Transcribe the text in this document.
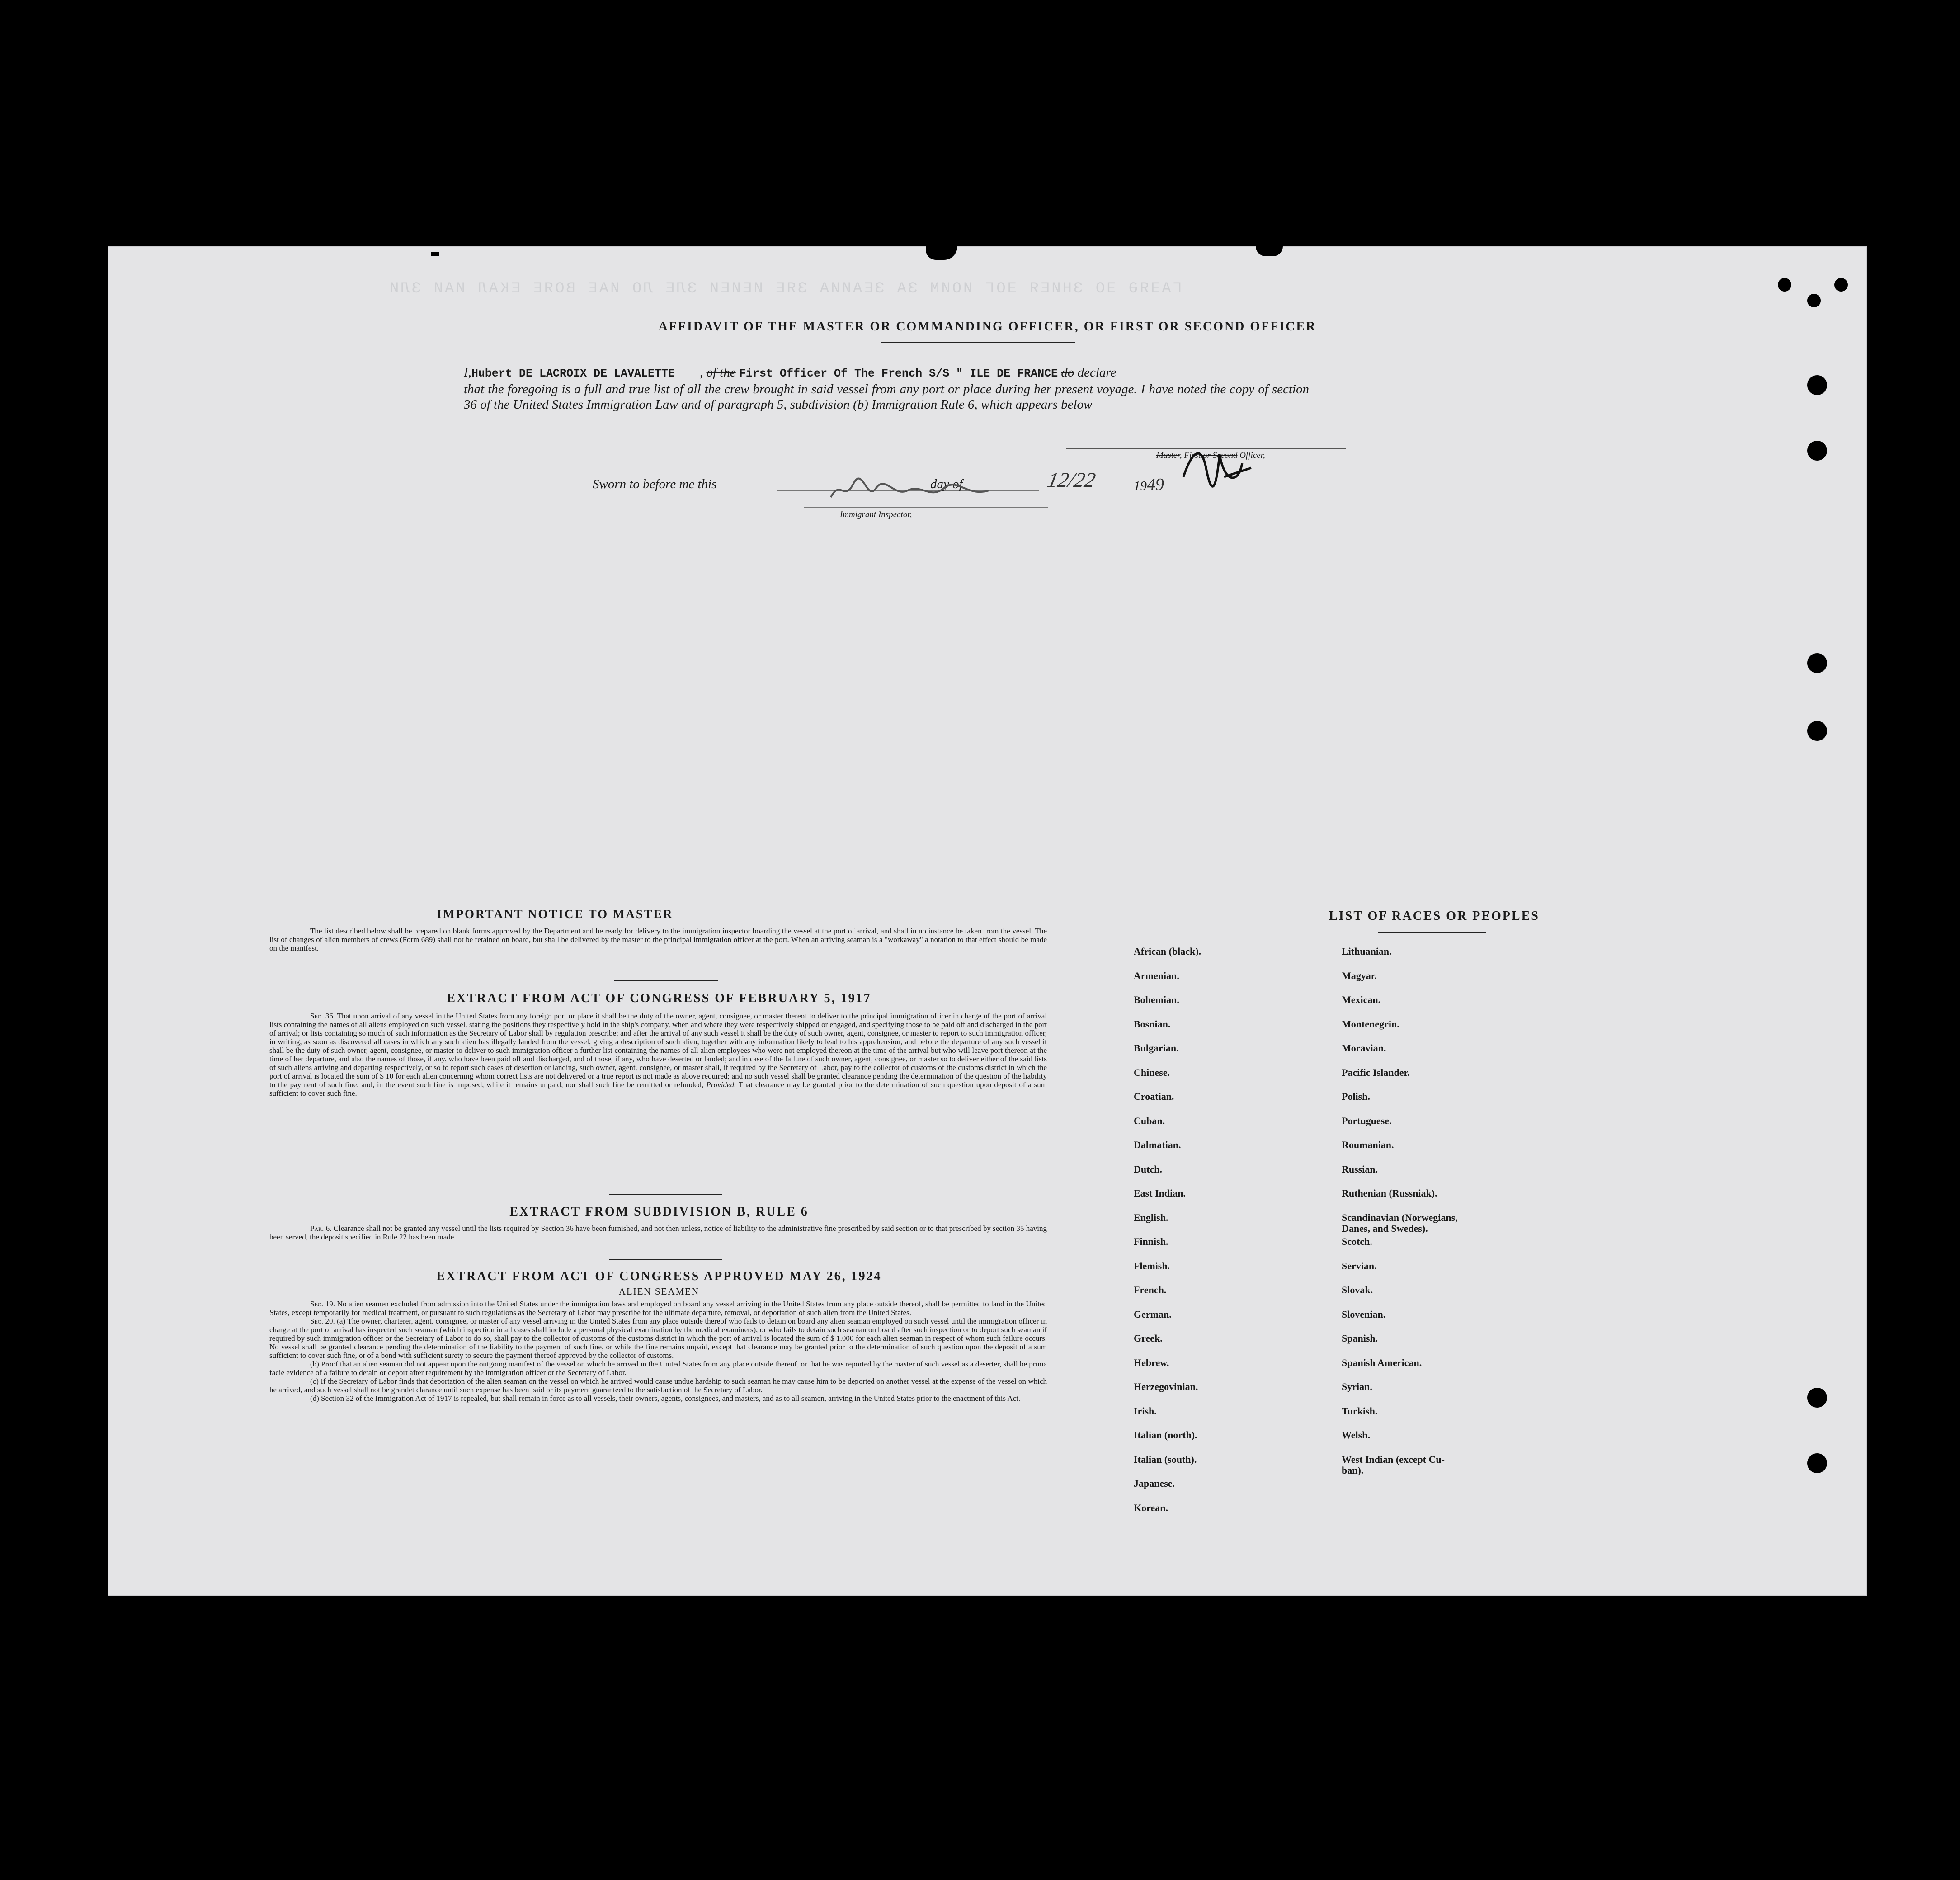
ГАƎЯӘ ƎО ЗНИЕЯ ƎОГ ИОИМ ЗА ЗЕАИИА ЗЯЕ ИЕИЕИ ЗЛЕ ЛО ИАЕ ВОЯЕ ЕКАЛ ИАИ ЗЛИ
AFFIDAVIT OF THE MASTER OR COMMANDING OFFICER, OR FIRST OR SECOND OFFICER
I,Hubert DE LACROIX DE LAVALETTE , of the First Officer Of The French S/S " ILE DE FRANCE do declare
that the foregoing is a full and true list of all the crew brought in said vessel from any port or place during her present voyage. I have noted the copy of section 36 of the United States Immigration Law and of paragraph 5, subdivision (b) Immigration Rule 6, which appears below
Master, First or Second Officer,
Sworn to before me this	day of	12/22	1949
Immigrant Inspector,
IMPORTANT NOTICE TO MASTER

The list described below shall be prepared on blank forms approved by the Department and be ready for delivery to the immigration inspector boarding the vessel at the port of arrival, and shall in no instance be taken from the vessel. The list of changes of alien members of crews (Form 689) shall not be retained on board, but shall be delivered by the master to the principal immigration officer at the port. When an arriving seaman is a "workaway" a notation to that effect should be made on the manifest.

EXTRACT FROM ACT OF CONGRESS OF FEBRUARY 5, 1917

Sec. 36. That upon arrival of any vessel in the United States from any foreign port or place it shall be the duty of the owner, agent, consignee, or master thereof to deliver to the principal immigration officer in charge of the port of arrival lists containing the names of all aliens employed on such vessel, stating the positions they respectively hold in the ship's company, when and where they were respectively shipped or engaged, and specifying those to be paid off and discharged in the port of arrival; or lists containing so much of such information as the Secretary of Labor shall by regulation prescribe; and after the arrival of any such vessel it shall be the duty of such owner, agent, consignee, or master to report to such immigration officer, in writing, as soon as discovered all cases in which any such alien has illegally landed from the vessel, giving a description of such alien, together with any information likely to lead to his apprehension; and before the departure of any such vessel it shall be the duty of such owner, agent, consignee, or master to deliver to such immigration officer a further list containing the names of all alien employees who were not employed thereon at the time of the arrival but who will leave port thereon at the time of her departure, and also the names of those, if any, who have been paid off and discharged, and of those, if any, who have deserted or landed; and in case of the failure of such owner, agent, consignee, or master so to deliver either of the said lists of such aliens arriving and departing respectively, or so to report such cases of desertion or landing, such owner, agent, consignee, or master shall, if required by the Secretary of Labor, pay to the collector of customs of the customs district in which the port of arrival is located the sum of $ 10 for each alien concerning whom correct lists are not delivered or a true report is not made as above required; and no such vessel shall be granted clearance pending the determination of the question of the liability to the payment of such fine, and, in the event such fine is imposed, while it remains unpaid; nor shall such fine be remitted or refunded; Provided. That clearance may be granted prior to the determination of such question upon deposit of a sum sufficient to cover such fine.

EXTRACT FROM SUBDIVISION B, RULE 6

Par. 6. Clearance shall not be granted any vessel until the lists required by Section 36 have been furnished, and not then unless, notice of liability to the administrative fine prescribed by said section or to that prescribed by section 35 having been served, the deposit specified in Rule 22 has been made.

EXTRACT FROM ACT OF CONGRESS APPROVED MAY 26, 1924
ALIEN SEAMEN

Sec. 19. No alien seamen excluded from admission into the United States under the immigration laws and employed on board any vessel arriving in the United States from any place outside thereof, shall be permitted to land in the United States, except temporarily for medical treatment, or pursuant to such regulations as the Secretary of Labor may prescribe for the ultimate departure, removal, or deportation of such alien from the United States.

Sec. 20. (a) The owner, charterer, agent, consignee, or master of any vessel arriving in the United States from any place outside thereof who fails to detain on board any alien seaman employed on such vessel until the immigration officer in charge at the port of arrival has inspected such seaman (which inspection in all cases shall include a personal physical examination by the medical examiners), or who fails to detain such seaman on board after such inspection or to deport such seaman if required by such immigration officer or the Secretary of Labor to do so, shall pay to the collector of customs of the customs district in which the port of arrival is located the sum of $ 1.000 for each alien seaman in respect of whom such failure occurs. No vessel shall be granted clearance pending the determination of the liability to the payment of such fine, or while the fine remains unpaid, except that clearance may be granted prior to the determination of such question upon the deposit of a sum sufficient to cover such fine, or of a bond with sufficient surety to secure the payment thereof approved by the collector of customs.

(b) Proof that an alien seaman did not appear upon the outgoing manifest of the vessel on which he arrived in the United States from any place outside thereof, or that he was reported by the master of such vessel as a deserter, shall be prima facie evidence of a failure to detain or deport after requirement by the immigration officer or the Secretary of Labor.

(c) If the Secretary of Labor finds that deportation of the alien seaman on the vessel on which he arrived would cause undue hardship to such seaman he may cause him to be deported on another vessel at the expense of the vessel on which he arrived, and such vessel shall not be grandet clarance until such expense has been paid or its payment guaranteed to the satisfaction of the Secretary of Labor.

(d) Section 32 of the Immigration Act of 1917 is repealed, but shall remain in force as to all vessels, their owners, agents, consignees, and masters, and as to all seamen, arriving in the United States prior to the enactment of this Act.

LIST OF RACES OR PEOPLES
African (black).
Armenian.
Bohemian.
Bosnian.
Bulgarian.
Chinese.
Croatian.
Cuban.
Dalmatian.
Dutch.
East Indian.
English.
Finnish.
Flemish.
French.
German.
Greek.
Hebrew.
Herzegovinian.
Irish.
Italian (north).
Italian (south).
Japanese.
Korean.
Lithuanian.
Magyar.
Mexican.
Montenegrin.
Moravian.
Pacific Islander.
Polish.
Portuguese.
Roumanian.
Russian.
Ruthenian (Russniak).
Scandinavian (Norwegians,
Danes, and Swedes).
Scotch.
Servian.
Slovak.
Slovenian.
Spanish.
Spanish American.
Syrian.
Turkish.
Welsh.
West Indian (except Cu-
ban).
